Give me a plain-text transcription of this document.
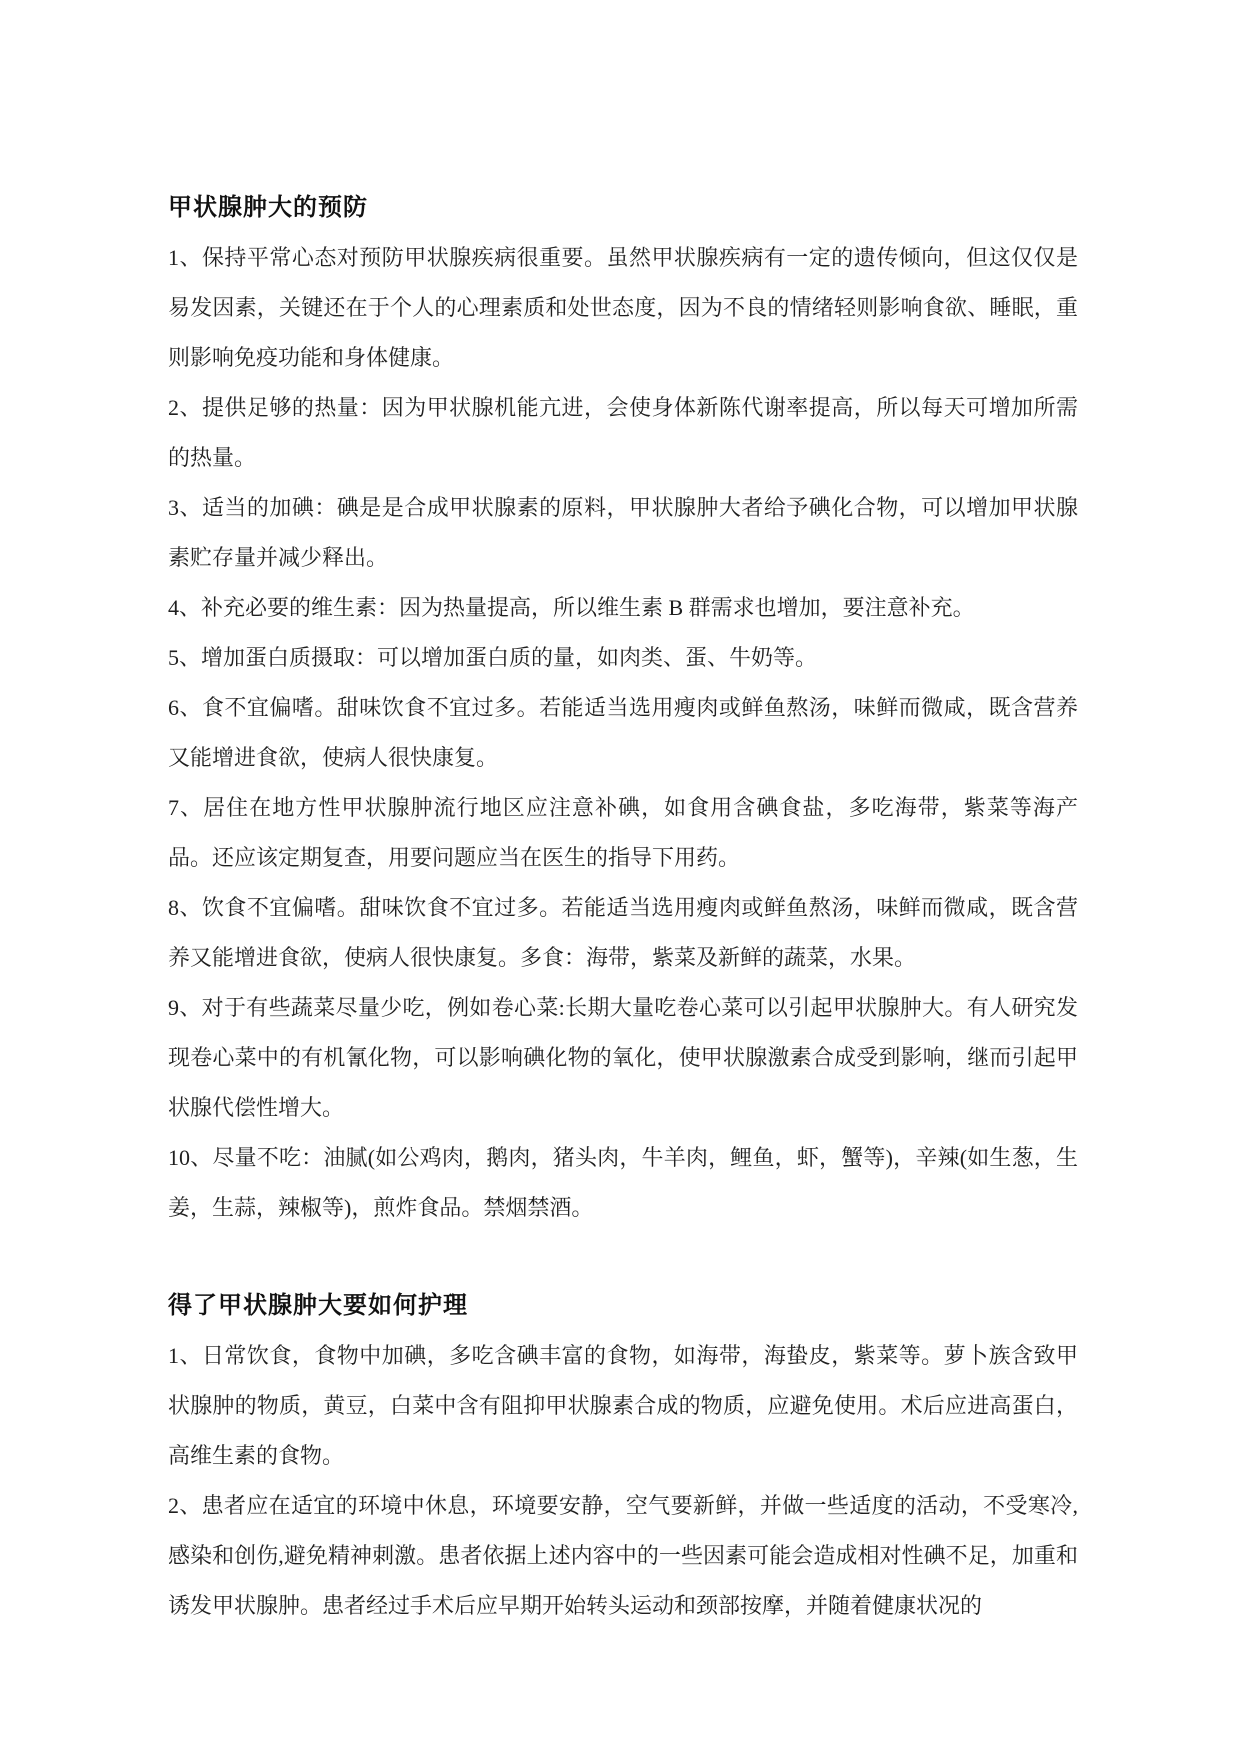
甲状腺肿大的预防

1、保持平常心态对预防甲状腺疾病很重要。虽然甲状腺疾病有一定的遗传倾向，但这仅仅是易发因素，关键还在于个人的心理素质和处世态度，因为不良的情绪轻则影响食欲、睡眠，重则影响免疫功能和身体健康。

2、提供足够的热量：因为甲状腺机能亢进，会使身体新陈代谢率提高，所以每天可增加所需的热量。

3、适当的加碘：碘是是合成甲状腺素的原料，甲状腺肿大者给予碘化合物，可以增加甲状腺素贮存量并减少释出。

4、补充必要的维生素：因为热量提高，所以维生素 B 群需求也增加，要注意补充。

5、增加蛋白质摄取：可以增加蛋白质的量，如肉类、蛋、牛奶等。

6、食不宜偏嗜。甜味饮食不宜过多。若能适当选用瘦肉或鲜鱼熬汤，味鲜而微咸，既含营养又能增进食欲，使病人很快康复。

7、居住在地方性甲状腺肿流行地区应注意补碘，如食用含碘食盐，多吃海带，紫菜等海产品。还应该定期复查，用要问题应当在医生的指导下用药。

8、饮食不宜偏嗜。甜味饮食不宜过多。若能适当选用瘦肉或鲜鱼熬汤，味鲜而微咸，既含营养又能增进食欲，使病人很快康复。多食：海带，紫菜及新鲜的蔬菜，水果。

9、对于有些蔬菜尽量少吃，例如卷心菜:长期大量吃卷心菜可以引起甲状腺肿大。有人研究发现卷心菜中的有机氰化物，可以影响碘化物的氧化，使甲状腺激素合成受到影响，继而引起甲状腺代偿性增大。

10、尽量不吃：油腻(如公鸡肉，鹅肉，猪头肉，牛羊肉，鲤鱼，虾，蟹等)，辛辣(如生葱，生姜，生蒜，辣椒等)，煎炸食品。禁烟禁酒。

得了甲状腺肿大要如何护理

1、日常饮食，食物中加碘，多吃含碘丰富的食物，如海带，海蛰皮，紫菜等。萝卜族含致甲状腺肿的物质，黄豆，白菜中含有阻抑甲状腺素合成的物质，应避免使用。术后应进高蛋白，高维生素的食物。

2、患者应在适宜的环境中休息，环境要安静，空气要新鲜，并做一些适度的活动，不受寒冷,感染和创伤,避免精神刺激。患者依据上述内容中的一些因素可能会造成相对性碘不足，加重和诱发甲状腺肿。患者经过手术后应早期开始转头运动和颈部按摩，并随着健康状况的
